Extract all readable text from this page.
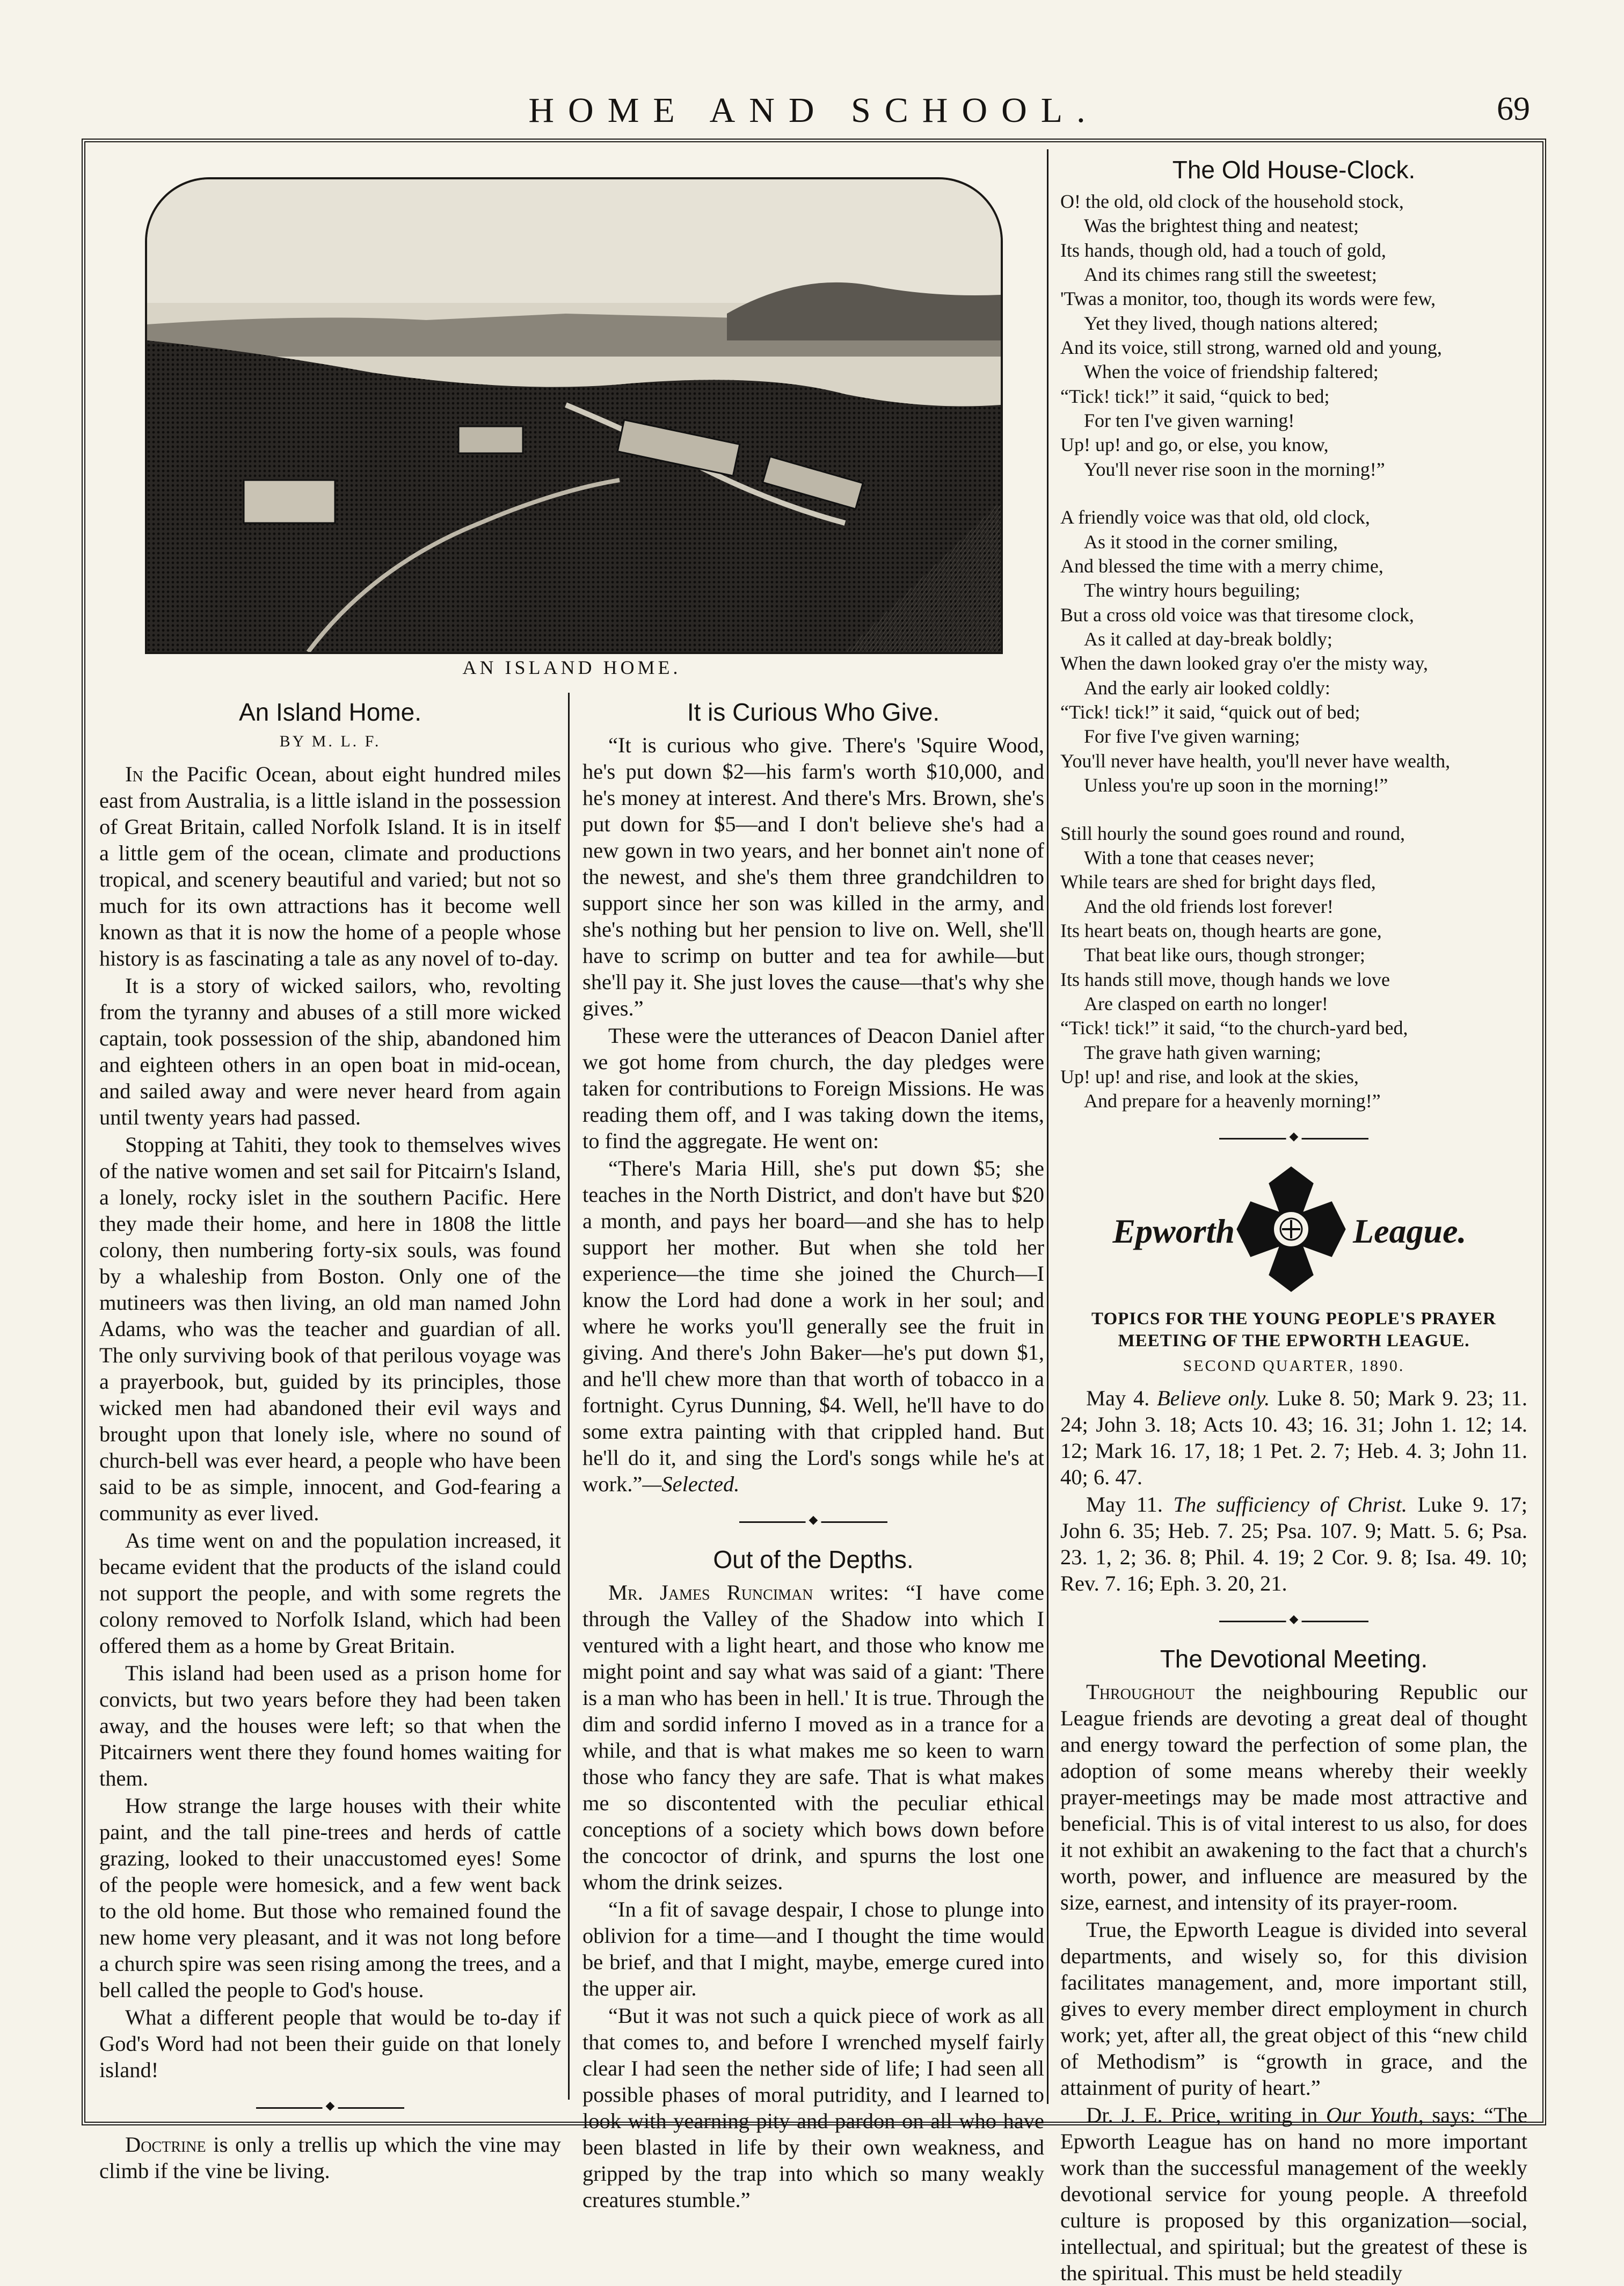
HOME AND SCHOOL.	69
AN ISLAND HOME.
An Island Home.
BY M. L. F.

In the Pacific Ocean, about eight hundred miles east from Australia, is a little island in the possession of Great Britain, called Norfolk Island. It is in itself a little gem of the ocean, climate and productions tropical, and scenery beautiful and varied; but not so much for its own attractions has it become well known as that it is now the home of a people whose history is as fascinating a tale as any novel of to-day.

It is a story of wicked sailors, who, revolting from the tyranny and abuses of a still more wicked captain, took possession of the ship, abandoned him and eighteen others in an open boat in mid-ocean, and sailed away and were never heard from again until twenty years had passed.

Stopping at Tahiti, they took to themselves wives of the native women and set sail for Pitcairn's Island, a lonely, rocky islet in the southern Pacific. Here they made their home, and here in 1808 the little colony, then numbering forty-six souls, was found by a whaleship from Boston. Only one of the mutineers was then living, an old man named John Adams, who was the teacher and guardian of all. The only surviving book of that perilous voyage was a prayerbook, but, guided by its principles, those wicked men had abandoned their evil ways and brought upon that lonely isle, where no sound of church-bell was ever heard, a people who have been said to be as simple, innocent, and God-fearing a community as ever lived.

As time went on and the population increased, it became evident that the products of the island could not support the people, and with some regrets the colony removed to Norfolk Island, which had been offered them as a home by Great Britain.

This island had been used as a prison home for convicts, but two years before they had been taken away, and the houses were left; so that when the Pitcairners went there they found homes waiting for them.

How strange the large houses with their white paint, and the tall pine-trees and herds of cattle grazing, looked to their unaccustomed eyes! Some of the people were homesick, and a few went back to the old home. But those who remained found the new home very pleasant, and it was not long before a church spire was seen rising among the trees, and a bell called the people to God's house.

What a different people that would be to-day if God's Word had not been their guide on that lonely island!

◆

Doctrine is only a trellis up which the vine may climb if the vine be living.

It is Curious Who Give.

“It is curious who give. There's 'Squire Wood, he's put down $2—his farm's worth $10,000, and he's money at interest. And there's Mrs. Brown, she's put down for $5—and I don't believe she's had a new gown in two years, and her bonnet ain't none of the newest, and she's them three grandchildren to support since her son was killed in the army, and she's nothing but her pension to live on. Well, she'll have to scrimp on butter and tea for awhile—but she'll pay it. She just loves the cause—that's why she gives.”

These were the utterances of Deacon Daniel after we got home from church, the day pledges were taken for contributions to Foreign Missions. He was reading them off, and I was taking down the items, to find the aggregate. He went on:

“There's Maria Hill, she's put down $5; she teaches in the North District, and don't have but $20 a month, and pays her board—and she has to help support her mother. But when she told her experience—the time she joined the Church—I know the Lord had done a work in her soul; and where he works you'll generally see the fruit in giving. And there's John Baker—he's put down $1, and he'll chew more than that worth of tobacco in a fortnight. Cyrus Dunning, $4. Well, he'll have to do some extra painting with that crippled hand. But he'll do it, and sing the Lord's songs while he's at work.”—Selected.

◆
Out of the Depths.

Mr. James Runciman writes: “I have come through the Valley of the Shadow into which I ventured with a light heart, and those who know me might point and say what was said of a giant: 'There is a man who has been in hell.' It is true. Through the dim and sordid inferno I moved as in a trance for a while, and that is what makes me so keen to warn those who fancy they are safe. That is what makes me so discontented with the peculiar ethical conceptions of a society which bows down before the concoctor of drink, and spurns the lost one whom the drink seizes.

“In a fit of savage despair, I chose to plunge into oblivion for a time—and I thought the time would be brief, and that I might, maybe, emerge cured into the upper air.

“But it was not such a quick piece of work as all that comes to, and before I wrenched myself fairly clear I had seen the nether side of life; I had seen all possible phases of moral putridity, and I learned to look with yearning pity and pardon on all who have been blasted in life by their own weakness, and gripped by the trap into which so many weakly creatures stumble.”

The Old House-Clock.
O! the old, old clock of the household stock,
Was the brightest thing and neatest;
Its hands, though old, had a touch of gold,
And its chimes rang still the sweetest;
'Twas a monitor, too, though its words were few,
Yet they lived, though nations altered;
And its voice, still strong, warned old and young,
When the voice of friendship faltered;
“Tick! tick!” it said, “quick to bed;
For ten I've given warning!
Up! up! and go, or else, you know,
You'll never rise soon in the morning!”
A friendly voice was that old, old clock,
As it stood in the corner smiling,
And blessed the time with a merry chime,
The wintry hours beguiling;
But a cross old voice was that tiresome clock,
As it called at day-break boldly;
When the dawn looked gray o'er the misty way,
And the early air looked coldly:
“Tick! tick!” it said, “quick out of bed;
For five I've given warning;
You'll never have health, you'll never have wealth,
Unless you're up soon in the morning!”
Still hourly the sound goes round and round,
With a tone that ceases never;
While tears are shed for bright days fled,
And the old friends lost forever!
Its heart beats on, though hearts are gone,
That beat like ours, though stronger;
Its hands still move, though hands we love
Are clasped on earth no longer!
“Tick! tick!” it said, “to the church-yard bed,
The grave hath given warning;
Up! up! and rise, and look at the skies,
And prepare for a heavenly morning!”
◆
Epworth	League.
TOPICS FOR THE YOUNG PEOPLE'S PRAYER MEETING OF THE EPWORTH LEAGUE.
SECOND QUARTER, 1890.

May 4. Believe only. Luke 8. 50; Mark 9. 23; 11. 24; John 3. 18; Acts 10. 43; 16. 31; John 1. 12; 14. 12; Mark 16. 17, 18; 1 Pet. 2. 7; Heb. 4. 3; John 11. 40; 6. 47.

May 11. The sufficiency of Christ. Luke 9. 17; John 6. 35; Heb. 7. 25; Psa. 107. 9; Matt. 5. 6; Psa. 23. 1, 2; 36. 8; Phil. 4. 19; 2 Cor. 9. 8; Isa. 49. 10; Rev. 7. 16; Eph. 3. 20, 21.

◆
The Devotional Meeting.

Throughout the neighbouring Republic our League friends are devoting a great deal of thought and energy toward the perfection of some plan, the adoption of some means whereby their weekly prayer-meetings may be made most attractive and beneficial. This is of vital interest to us also, for does it not exhibit an awakening to the fact that a church's worth, power, and influence are measured by the size, earnest, and intensity of its prayer-room.

True, the Epworth League is divided into several departments, and wisely so, for this division facilitates management, and, more important still, gives to every member direct employment in church work; yet, after all, the great object of this “new child of Methodism” is “growth in grace, and the attainment of purity of heart.”

Dr. J. E. Price, writing in Our Youth, says: “The Epworth League has on hand no more important work than the successful management of the weekly devotional service for young people. A threefold culture is proposed by this organization—social, intellectual, and spiritual; but the greatest of these is the spiritual. This must be held steadily
